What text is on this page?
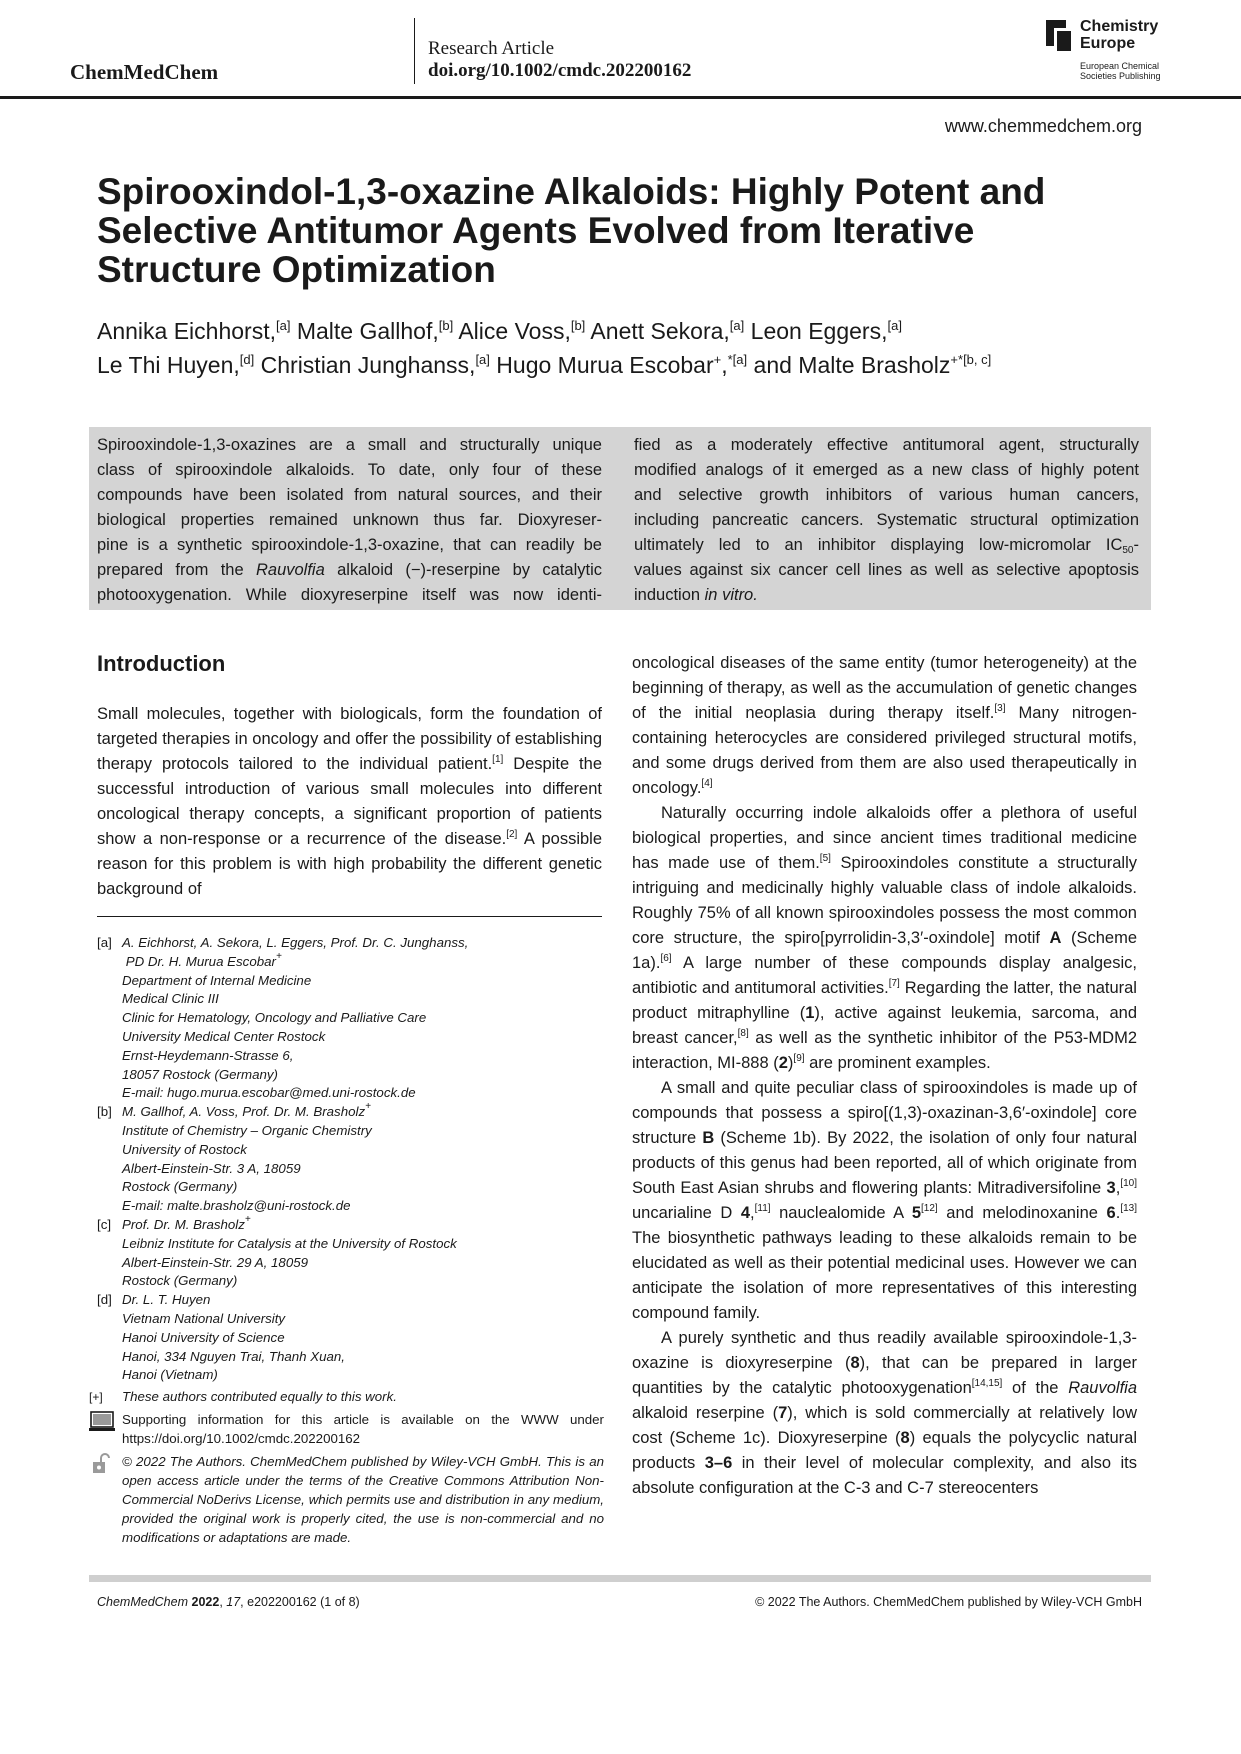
ChemMedChem
Research Article
doi.org/10.1002/cmdc.202200162
Chemistry
Europe
European Chemical
Societies Publishing
www.chemmedchem.org
Spirooxindol-1,3-oxazine Alkaloids: Highly Potent and
Selective Antitumor Agents Evolved from Iterative
Structure Optimization
Annika Eichhorst,[a] Malte Gallhof,[b] Alice Voss,[b] Anett Sekora,[a] Leon Eggers,[a]
Le Thi Huyen,[d] Christian Junghanss,[a] Hugo Murua Escobar+,$^{*[a]}$ and Malte Brasholz$^{+*[b, c]}$

Spirooxindole-1,3-oxazines are a small and structurally unique

class of spirooxindole alkaloids. To date, only four of these

compounds have been isolated from natural sources, and their

biological properties remained unknown thus far. Dioxyreser-

pine is a synthetic spirooxindole-1,3-oxazine, that can readily be

prepared from the Rauvolfia alkaloid (−)-reserpine by catalytic

photooxygenation. While dioxyreserpine itself was now identi-

fied as a moderately effective antitumoral agent, structurally

modified analogs of it emerged as a new class of highly potent

and selective growth inhibitors of various human cancers,

including pancreatic cancers. Systematic structural optimization

ultimately led to an inhibitor displaying low-micromolar $IC_{50}-$

values against six cancer cell lines as well as selective apoptosis

induction in vitro.

Introduction

Small molecules, together with biologicals, form the foundation of targeted therapies in oncology and offer the possibility of establishing therapy protocols tailored to the individual patient.[1] Despite the successful introduction of various small molecules into different oncological therapy concepts, a significant proportion of patients show a non-response or a recurrence of the disease.[2] A possible reason for this problem is with high probability the different genetic background of

[a] A. Eichhorst, A. Sekora, L. Eggers, Prof. Dr. C. Junghanss,
PD Dr. H. Murua Escobar+
Department of Internal Medicine
Medical Clinic III
Clinic for Hematology, Oncology and Palliative Care
University Medical Center Rostock
Ernst-Heydemann-Strasse 6,
18057 Rostock (Germany)
E-mail: hugo.murua.escobar@med.uni-rostock.de
[b] M. Gallhof, A. Voss, Prof. Dr. M. Brasholz+
Institute of Chemistry – Organic Chemistry
University of Rostock
Albert-Einstein-Str. 3 A, 18059
Rostock (Germany)
E-mail: malte.brasholz@uni-rostock.de
[c] Prof. Dr. M. Brasholz+
Leibniz Institute for Catalysis at the University of Rostock
Albert-Einstein-Str. 29 A, 18059
Rostock (Germany)
[d] Dr. L. T. Huyen
Vietnam National University
Hanoi University of Science
Hanoi, 334 Nguyen Trai, Thanh Xuan,
Hanoi (Vietnam)
[+]	These authors contributed equally to this work.
Supporting information for this article is available on the WWW under https://doi.org/10.1002/cmdc.202200162
© 2022 The Authors. ChemMedChem published by Wiley-VCH GmbH. This is an open access article under the terms of the Creative Commons Attribution Non-Commercial NoDerivs License, which permits use and distribution in any medium, provided the original work is properly cited, the use is non-commercial and no modifications or adaptations are made.

oncological diseases of the same entity (tumor heterogeneity) at the beginning of therapy, as well as the accumulation of genetic changes of the initial neoplasia during therapy itself.[3] Many nitrogen-containing heterocycles are considered privileged structural motifs, and some drugs derived from them are also used therapeutically in oncology.[4]

Naturally occurring indole alkaloids offer a plethora of useful biological properties, and since ancient times traditional medicine has made use of them.[5] Spirooxindoles constitute a structurally intriguing and medicinally highly valuable class of indole alkaloids. Roughly 75% of all known spirooxindoles possess the most common core structure, the spiro[pyrrolidin-3,3′-oxindole] motif A (Scheme 1a).[6] A large number of these compounds display analgesic, antibiotic and antitumoral activities.[7] Regarding the latter, the natural product mitraphylline (1), active against leukemia, sarcoma, and breast cancer,[8] as well as the synthetic inhibitor of the P53-MDM2 interaction, MI-888 (2)[9] are prominent examples.

A small and quite peculiar class of spirooxindoles is made up of compounds that possess a spiro[(1,3)-oxazinan-3,6′-oxindole] core structure B (Scheme 1b). By 2022, the isolation of only four natural products of this genus had been reported, all of which originate from South East Asian shrubs and flowering plants: Mitradiversifoline 3,[10] uncarialine D 4,[11] nauclealomide A 5[12] and melodinoxanine 6.[13] The biosynthetic pathways leading to these alkaloids remain to be elucidated as well as their potential medicinal uses. However we can anticipate the isolation of more representatives of this interesting compound family.

A purely synthetic and thus readily available spirooxindole-1,3-oxazine is dioxyreserpine (8), that can be prepared in larger quantities by the catalytic photooxygenation[14,15] of the Rauvolfia alkaloid reserpine (7), which is sold commercially at relatively low cost (Scheme 1c). Dioxyreserpine (8) equals the polycyclic natural products 3–6 in their level of molecular complexity, and also its absolute configuration at the C-3 and C-7 stereocenters

ChemMedChem 2022, 17, e202200162 (1 of 8)	© 2022 The Authors. ChemMedChem published by Wiley-VCH GmbH
